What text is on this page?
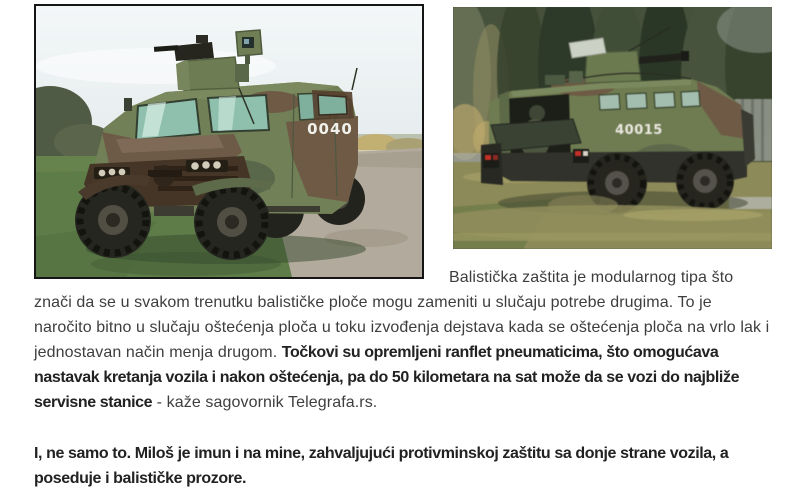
0040	40015

Balistička zaštita je modularnog tipa što znači da se u svakom trenutku balističke ploče mogu zameniti u slučaju potrebe drugima. To je naročito bitno u slučaju oštećenja ploča u toku izvođenja dejstava kada se oštećenja ploča na vrlo lak i jednostavan način menja drugom. Točkovi su opremljeni ranflet pneumaticima, što omogućava nastavak kretanja vozila i nakon oštećenja, pa do 50 kilometara na sat može da se vozi do najbliže servisne stanice - kaže sagovornik Telegrafa.rs.

I, ne samo to. Miloš je imun i na mine, zahvaljujući protivminskoj zaštitu sa donje strane vozila, a poseduje i balističke prozore.
